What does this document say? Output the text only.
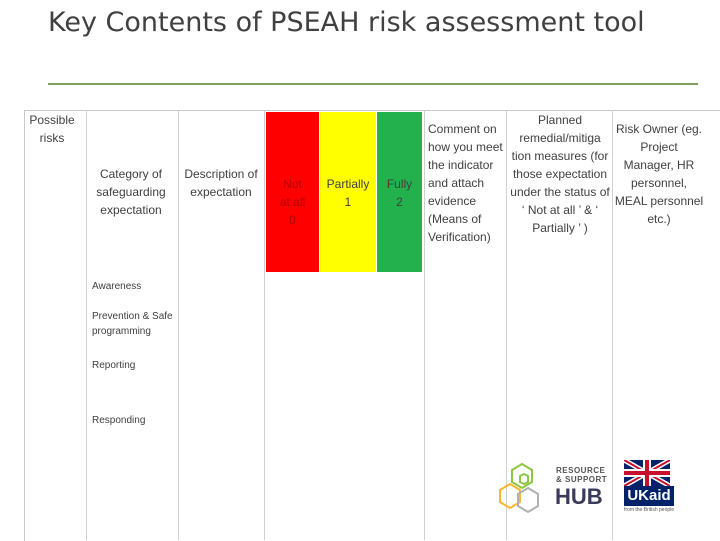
Key Contents of PSEAH risk assessment tool
Possible risks
Category of safeguarding expectation
Description of expectation
Not at all 0
Partially 1
Fully 2
Comment on how you meet the indicator and attach evidence (Means of Verification)
Planned remedial/mitiga tion measures (for those expectation under the status of ‘ Not at all ’ & ‘ Partially ’ )
Risk Owner (eg. Project Manager, HR personnel, MEAL personnel etc.)
Awareness
Prevention & Safe programming
Reporting
Responding
RESOURCE
& SUPPORT
HUB UKaid
from the British people
